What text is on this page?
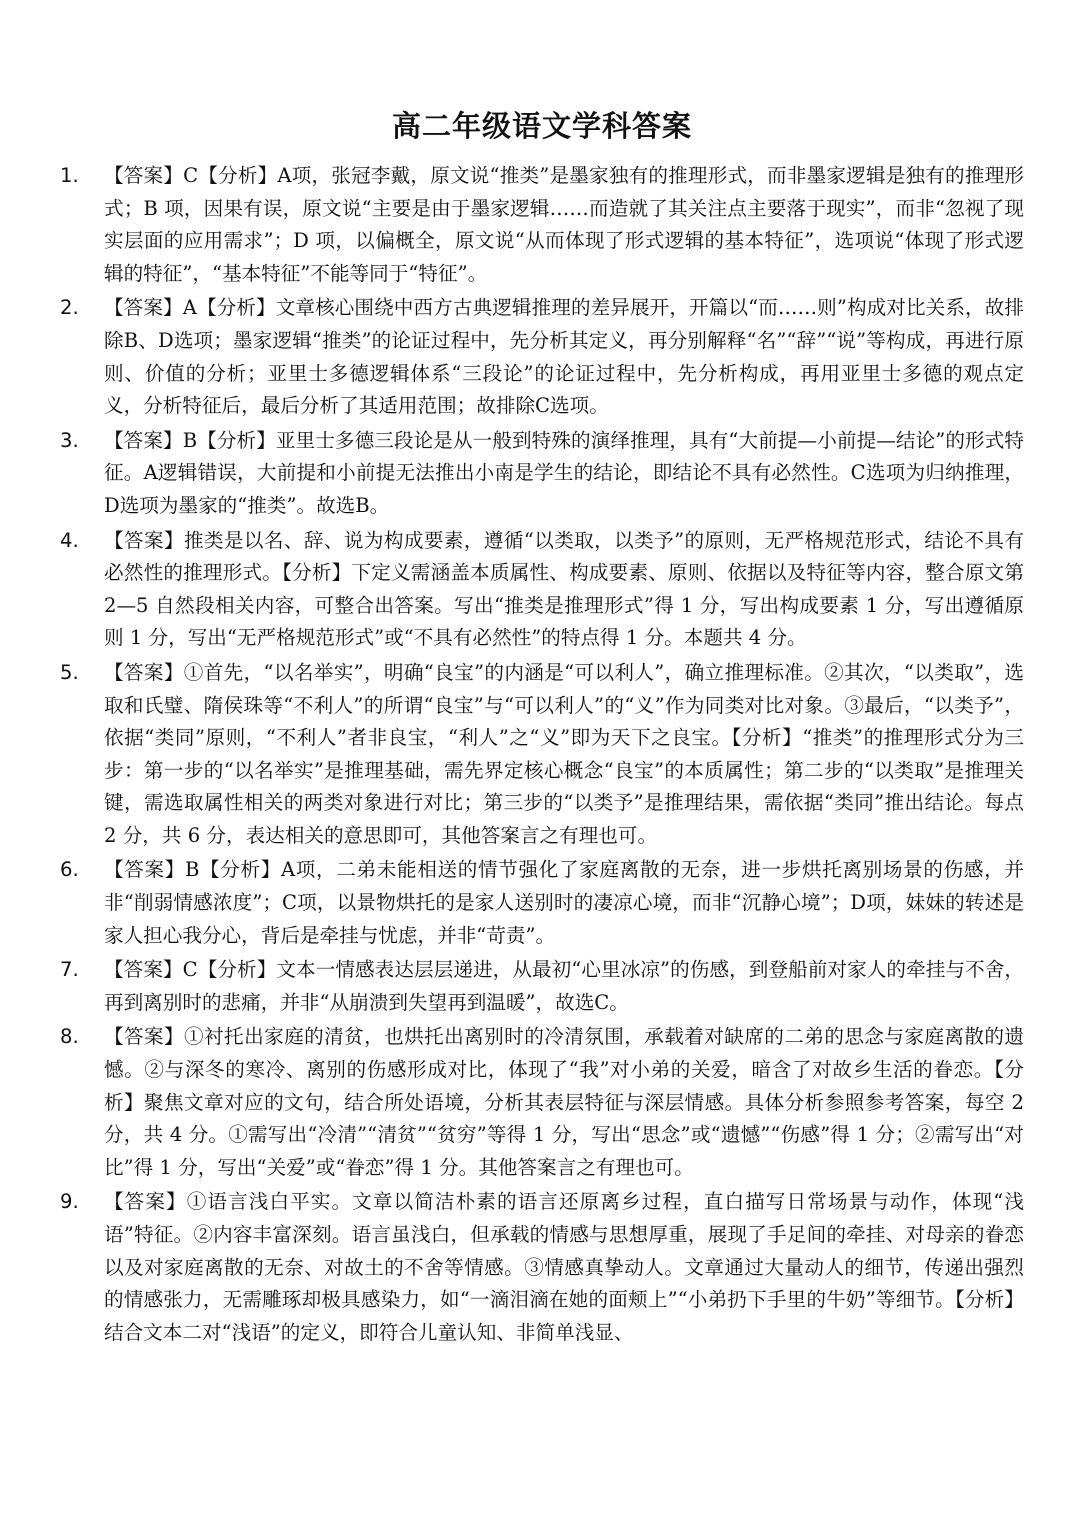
高二年级语文学科答案
1.	【答案】C【分析】A项，张冠李戴，原文说“推类”是墨家独有的推理形式，而非墨家逻辑是独有的推理形式；B 项，因果有误，原文说“主要是由于墨家逻辑……而造就了其关注点主要落于现实”，而非“忽视了现实层面的应用需求”；D 项，以偏概全，原文说“从而体现了形式逻辑的基本特征”，选项说“体现了形式逻辑的特征”，“基本特征”不能等同于“特征”。
2.	【答案】A【分析】文章核心围绕中西方古典逻辑推理的差异展开，开篇以“而……则”构成对比关系，故排除B、D选项；墨家逻辑“推类”的论证过程中，先分析其定义，再分别解释“名”“辞”“说”等构成，再进行原则、价值的分析；亚里士多德逻辑体系“三段论”的论证过程中，先分析构成，再用亚里士多德的观点定义，分析特征后，最后分析了其适用范围；故排除C选项。
3.	【答案】B【分析】亚里士多德三段论是从一般到特殊的演绎推理，具有“大前提—小前提—结论”的形式特征。A逻辑错误，大前提和小前提无法推出小南是学生的结论，即结论不具有必然性。C选项为归纳推理，D选项为墨家的“推类”。故选B。
4.	【答案】推类是以名、辞、说为构成要素，遵循“以类取，以类予”的原则，无严格规范形式，结论不具有必然性的推理形式。【分析】下定义需涵盖本质属性、构成要素、原则、依据以及特征等内容，整合原文第 2—5 自然段相关内容，可整合出答案。写出“推类是推理形式”得 1 分，写出构成要素 1 分，写出遵循原则 1 分，写出“无严格规范形式”或“不具有必然性”的特点得 1 分。本题共 4 分。
5.	【答案】①首先，“以名举实”，明确“良宝”的内涵是“可以利人”，确立推理标准。②其次，“以类取”，选取和氏璧、隋侯珠等“不利人”的所谓“良宝”与“可以利人”的“义”作为同类对比对象。③最后，“以类予”，依据“类同”原则，“不利人”者非良宝，“利人”之“义”即为天下之良宝。【分析】“推类”的推理形式分为三步：第一步的“以名举实”是推理基础，需先界定核心概念“良宝”的本质属性；第二步的“以类取”是推理关键，需选取属性相关的两类对象进行对比；第三步的“以类予”是推理结果，需依据“类同”推出结论。每点 2 分，共 6 分，表达相关的意思即可，其他答案言之有理也可。
6.	【答案】B【分析】A项，二弟未能相送的情节强化了家庭离散的无奈，进一步烘托离别场景的伤感，并非“削弱情感浓度”；C项，以景物烘托的是家人送别时的凄凉心境，而非“沉静心境”；D项，妹妹的转述是家人担心我分心，背后是牵挂与忧虑，并非“苛责”。
7.	【答案】C【分析】文本一情感表达层层递进，从最初“心里冰凉”的伤感，到登船前对家人的牵挂与不舍，再到离别时的悲痛，并非“从崩溃到失望再到温暖”，故选C。
8.	【答案】①衬托出家庭的清贫，也烘托出离别时的冷清氛围，承载着对缺席的二弟的思念与家庭离散的遗憾。②与深冬的寒冷、离别的伤感形成对比，体现了“我”对小弟的关爱，暗含了对故乡生活的眷恋。【分析】聚焦文章对应的文句，结合所处语境，分析其表层特征与深层情感。具体分析参照参考答案，每空 2 分，共 4 分。①需写出“冷清”“清贫”“贫穷”等得 1 分，写出“思念”或“遗憾”“伤感”得 1 分；②需写出“对比”得 1 分，写出“关爱”或“眷恋”得 1 分。其他答案言之有理也可。
9.	【答案】①语言浅白平实。文章以简洁朴素的语言还原离乡过程，直白描写日常场景与动作，体现“浅语”特征。②内容丰富深刻。语言虽浅白，但承载的情感与思想厚重，展现了手足间的牵挂、对母亲的眷恋以及对家庭离散的无奈、对故土的不舍等情感。③情感真挚动人。文章通过大量动人的细节，传递出强烈的情感张力，无需雕琢却极具感染力，如“一滴泪滴在她的面颊上”“小弟扔下手里的牛奶”等细节。【分析】结合文本二对“浅语”的定义，即符合儿童认知、非简单浅显、
